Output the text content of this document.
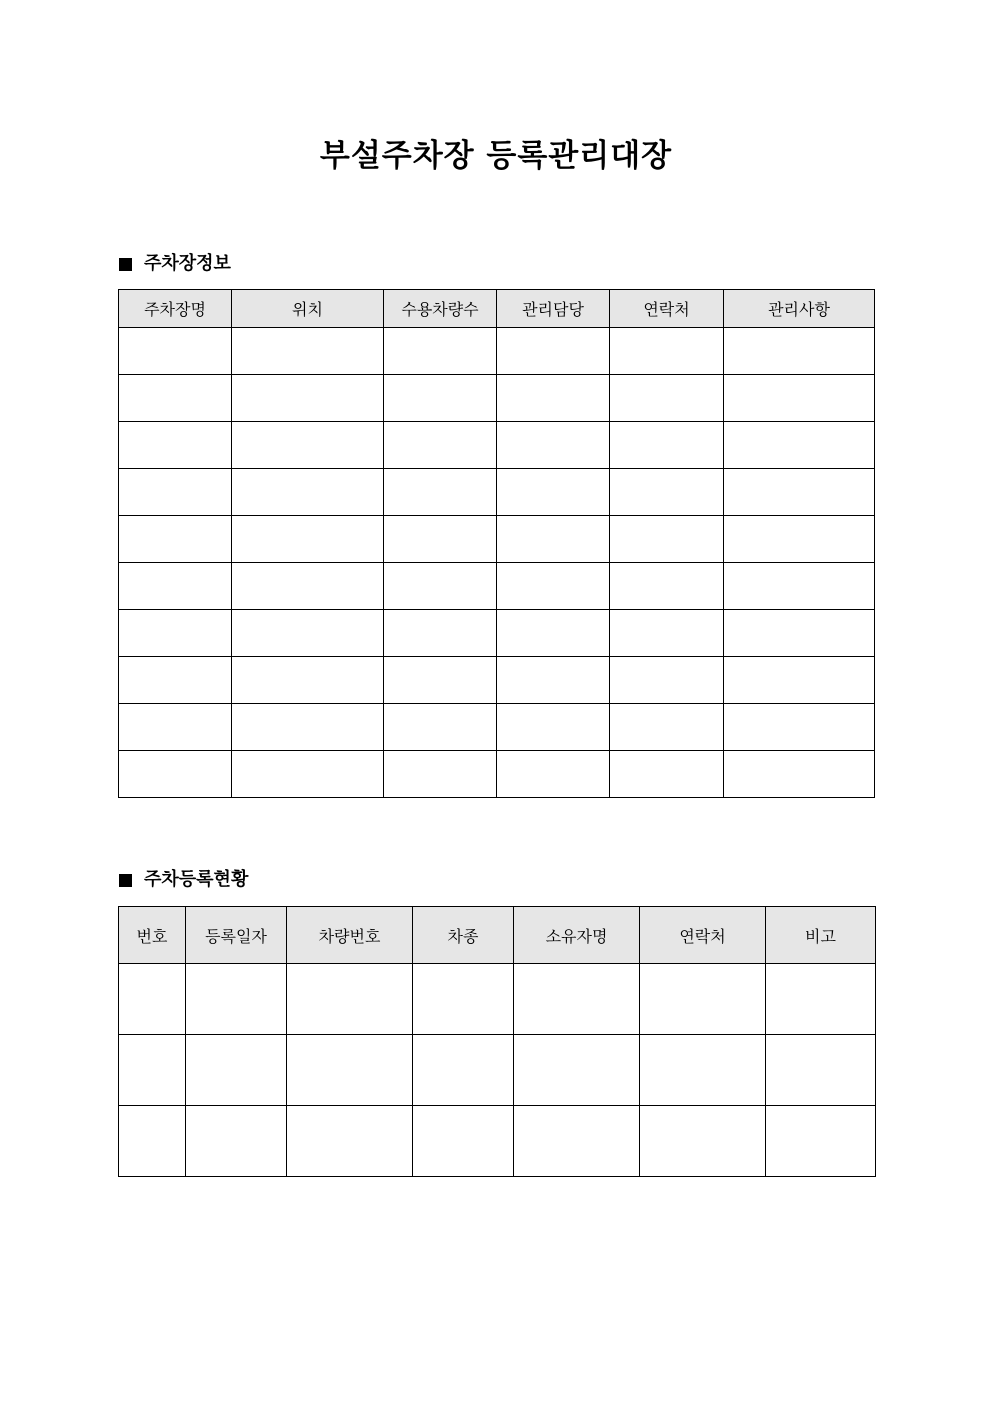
부설주차장 등록관리대장
주차장정보
주차장명	위치	수용차량수	관리담당	연락처	관리사항

주차등록현황
번호	등록일자	차량번호	차종	소유자명	연락처	비고
